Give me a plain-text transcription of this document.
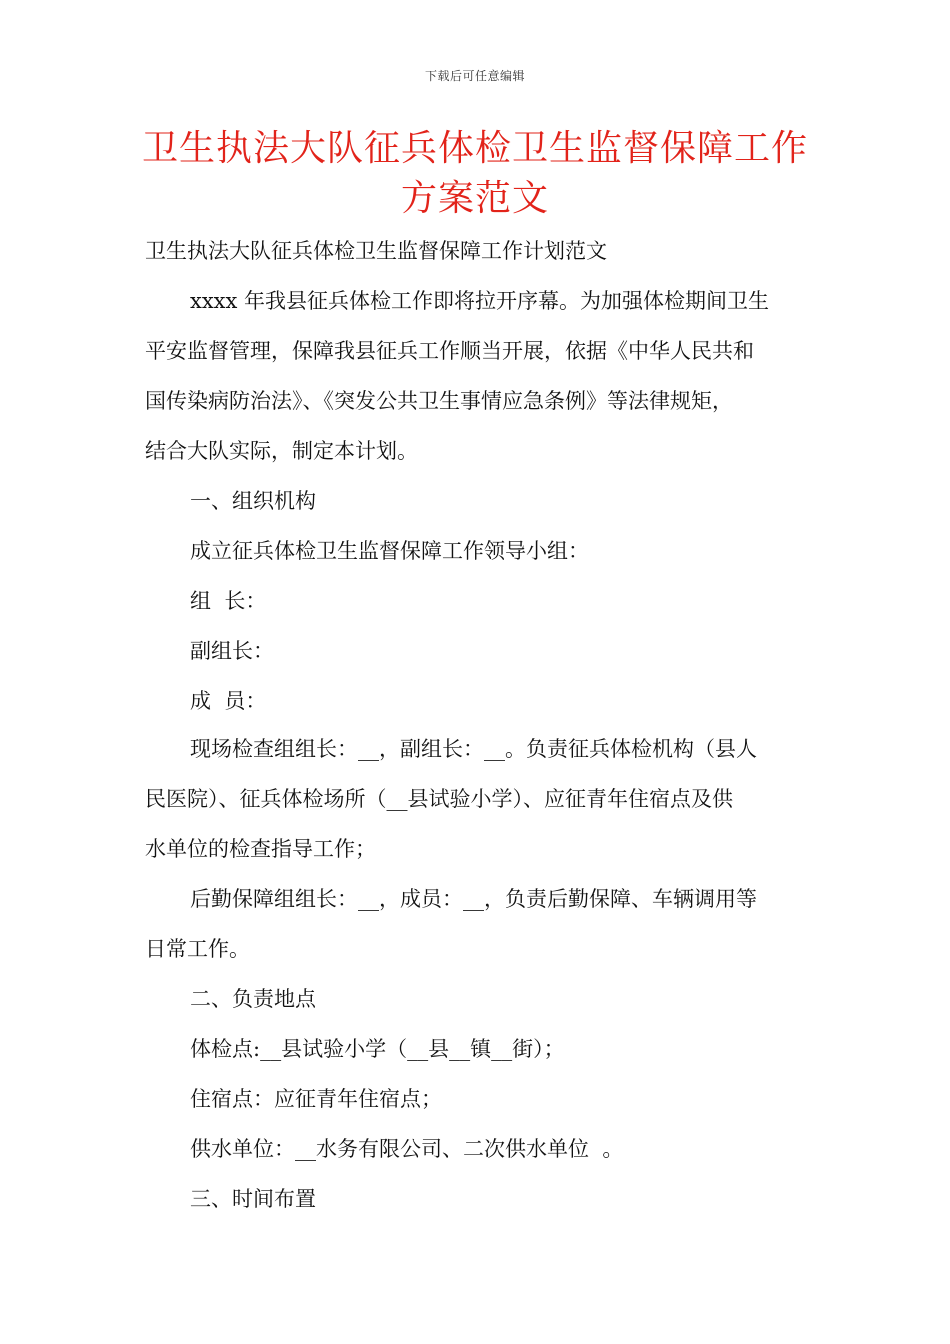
下载后可任意编辑
卫生执法大队征兵体检卫生监督保障工作
方案范文

卫生执法大队征兵体检卫生监督保障工作计划范文

xxxx 年我县征兵体检工作即将拉开序幕。为加强体检期间卫生

平安监督管理，保障我县征兵工作顺当开展，依据《中华人民共和

国传染病防治法》、《突发公共卫生事情应急条例》等法律规矩，

结合大队实际，制定本计划。

一、组织机构

成立征兵体检卫生监督保障工作领导小组：

组  长：

副组长：

成  员：

现场检查组组长：__，副组长：__。负责征兵体检机构（县人

民医院）、征兵体检场所（__县试验小学）、应征青年住宿点及供

水单位的检查指导工作；

后勤保障组组长：__，成员：__，负责后勤保障、车辆调用等

日常工作。

二、负责地点

体检点:__县试验小学（__县__镇__街）；

住宿点：应征青年住宿点；

供水单位：__水务有限公司、二次供水单位  。

三、时间布置
